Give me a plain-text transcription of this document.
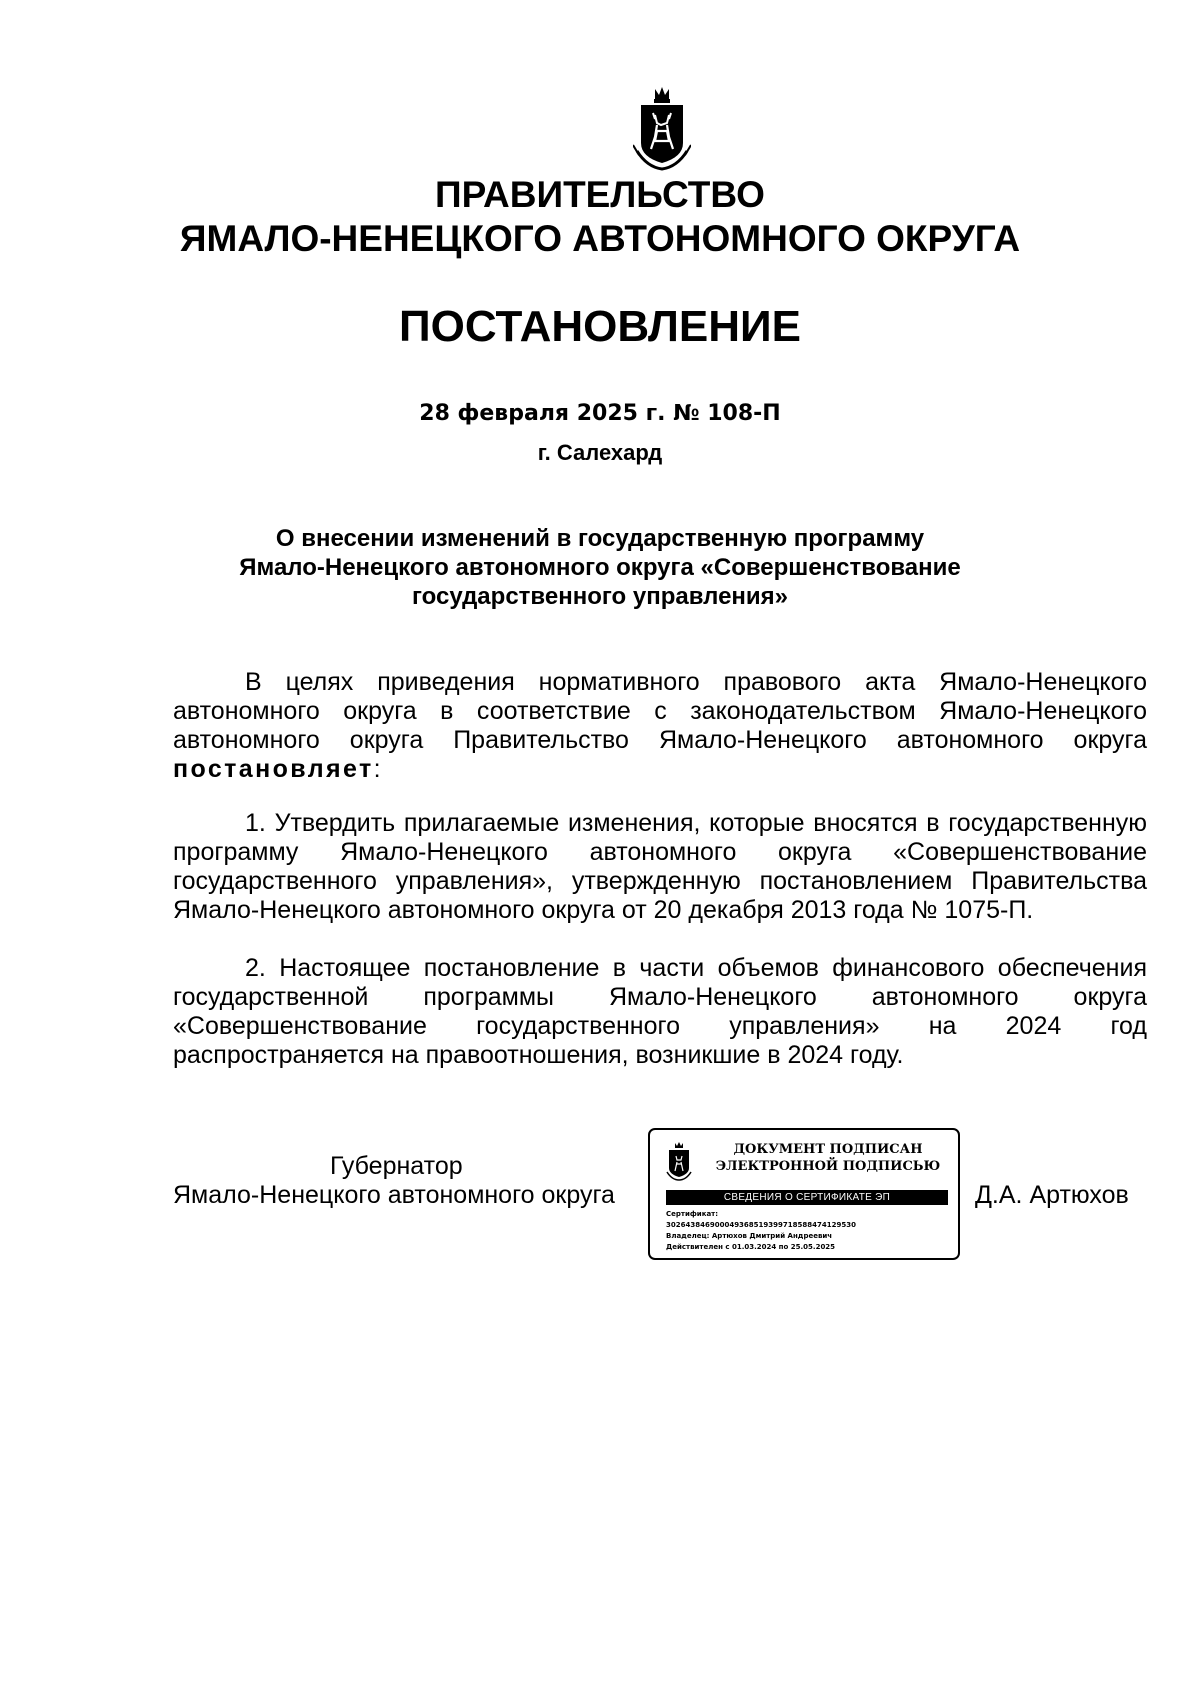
ПРАВИТЕЛЬСТВО
ЯМАЛО-НЕНЕЦКОГО АВТОНОМНОГО ОКРУГА
ПОСТАНОВЛЕНИЕ
28 февраля 2025 г. № 108-П
г. Салехард
О внесении изменений в государственную программу
Ямало-Ненецкого автономного округа «Совершенствование
государственного управления»
В целях приведения нормативного правового акта Ямало-Ненецкого автономного округа в соответствие с законодательством Ямало-Ненецкого автономного округа Правительство Ямало-Ненецкого автономного округа постановляет:
1. Утвердить прилагаемые изменения, которые вносятся в государственную программу Ямало-Ненецкого автономного округа «Совершенствование государственного управления», утвержденную постановлением Правительства Ямало-Ненецкого автономного округа от 20 декабря 2013 года № 1075-П.
2. Настоящее постановление в части объемов финансового обеспечения государственной программы Ямало-Ненецкого автономного округа «Совершенствование государственного управления» на 2024 год распространяется на правоотношения, возникшие в 2024 году.
Губернатор
Ямало-Ненецкого автономного округа
ДОКУМЕНТ ПОДПИСАН
ЭЛЕКТРОННОЙ ПОДПИСЬЮ
СВЕДЕНИЯ О СЕРТИФИКАТЕ ЭП
Сертификат:
302643846900049368519399718588474129530
Владелец: Артюхов Дмитрий Андреевич
Действителен с 01.03.2024 по 25.05.2025
Д.А. Артюхов
